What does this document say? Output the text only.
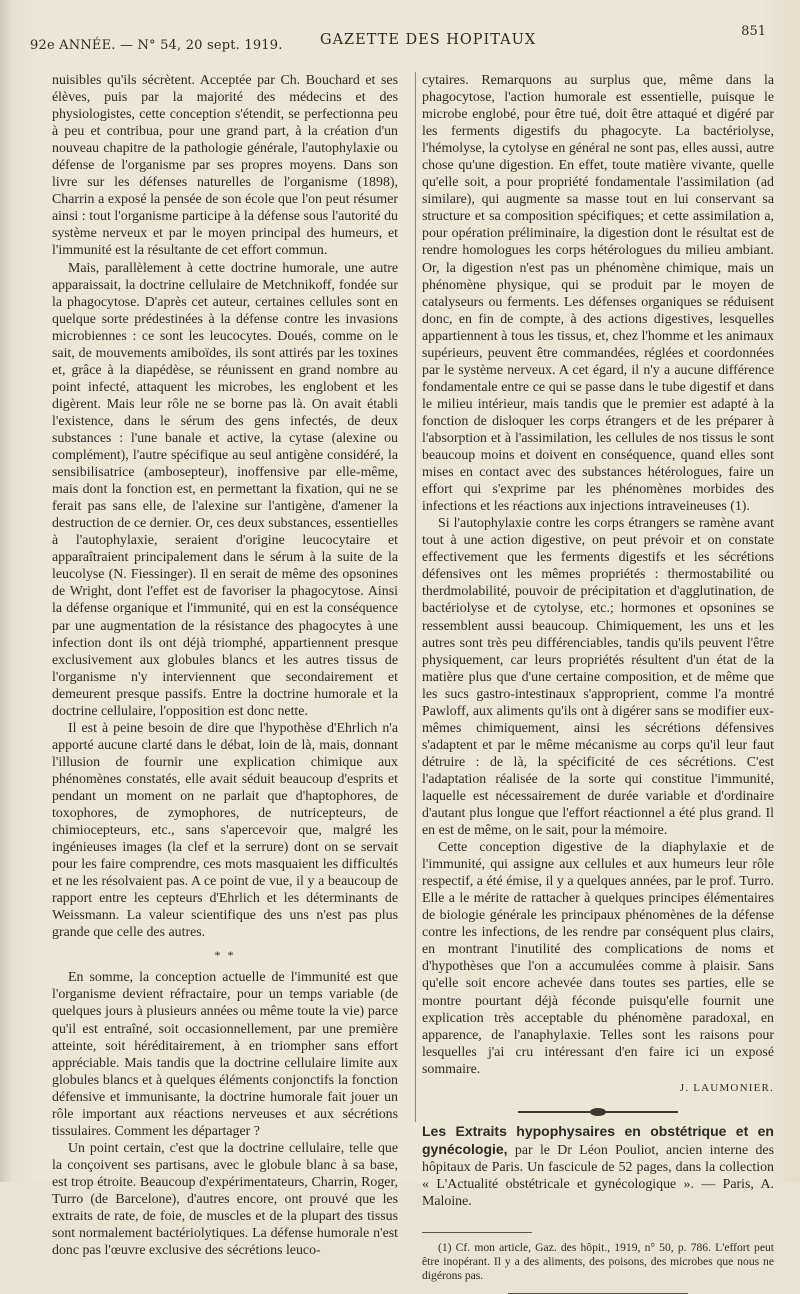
92e ANNÉE. — N° 54, 20 sept. 1919.	GAZETTE DES HOPITAUX
851

nuisibles qu'ils sécrètent. Acceptée par Ch. Bouchard et ses élèves, puis par la majorité des médecins et des physiologistes, cette conception s'étendit, se perfectionna peu à peu et contribua, pour une grand part, à la création d'un nouveau chapitre de la pathologie générale, l'autophylaxie ou défense de l'organisme par ses propres moyens. Dans son livre sur les défenses naturelles de l'organisme (1898), Charrin a exposé la pensée de son école que l'on peut résumer ainsi : tout l'organisme participe à la défense sous l'autorité du système nerveux et par le moyen principal des humeurs, et l'immunité est la résultante de cet effort commun.

Mais, parallèlement à cette doctrine humorale, une autre apparaissait, la doctrine cellulaire de Metchnikoff, fondée sur la phagocytose. D'après cet auteur, certaines cellules sont en quelque sorte prédestinées à la défense contre les invasions microbiennes : ce sont les leucocytes. Doués, comme on le sait, de mouvements amiboïdes, ils sont attirés par les toxines et, grâce à la diapédèse, se réunissent en grand nombre au point infecté, attaquent les microbes, les englobent et les digèrent. Mais leur rôle ne se borne pas là. On avait établi l'existence, dans le sérum des gens infectés, de deux substances : l'une banale et active, la cytase (alexine ou complément), l'autre spécifique au seul antigène considéré, la sensibilisatrice (ambosepteur), inoffensive par elle-même, mais dont la fonction est, en permettant la fixation, qui ne se ferait pas sans elle, de l'alexine sur l'antigène, d'amener la destruction de ce dernier. Or, ces deux substances, essentielles à l'autophylaxie, seraient d'origine leucocytaire et apparaîtraient principalement dans le sérum à la suite de la leucolyse (N. Fiessinger). Il en serait de même des opsonines de Wright, dont l'effet est de favoriser la phagocytose. Ainsi la défense organique et l'immunité, qui en est la conséquence par une augmentation de la résistance des phagocytes à une infection dont ils ont déjà triomphé, appartiennent presque exclusivement aux globules blancs et les autres tissus de l'organisme n'y interviennent que secondairement et demeurent presque passifs. Entre la doctrine humorale et la doctrine cellulaire, l'opposition est donc nette.

Il est à peine besoin de dire que l'hypothèse d'Ehrlich n'a apporté aucune clarté dans le débat, loin de là, mais, donnant l'illusion de fournir une explication chimique aux phénomènes constatés, elle avait séduit beaucoup d'esprits et pendant un moment on ne parlait que d'haptophores, de toxophores, de zymophores, de nutricepteurs, de chimiocepteurs, etc., sans s'apercevoir que, malgré les ingénieuses images (la clef et la serrure) dont on se servait pour les faire comprendre, ces mots masquaient les difficultés et ne les résolvaient pas. A ce point de vue, il y a beaucoup de rapport entre les cepteurs d'Ehrlich et les déterminants de Weissmann. La valeur scientifique des uns n'est pas plus grande que celle des autres.

* *

En somme, la conception actuelle de l'immunité est que l'organisme devient réfractaire, pour un temps variable (de quelques jours à plusieurs années ou même toute la vie) parce qu'il est entraîné, soit occasionnellement, par une première atteinte, soit héréditairement, à en triompher sans effort appréciable. Mais tandis que la doctrine cellulaire limite aux globules blancs et à quelques éléments conjonctifs la fonction défensive et immunisante, la doctrine humorale fait jouer un rôle important aux réactions nerveuses et aux sécrétions tissulaires. Comment les départager ?

Un point certain, c'est que la doctrine cellulaire, telle que la conçoivent ses partisans, avec le globule blanc à sa base, est trop étroite. Beaucoup d'expérimentateurs, Charrin, Roger, Turro (de Barcelone), d'autres encore, ont prouvé que les extraits de rate, de foie, de muscles et de la plupart des tissus sont normalement bactériolytiques. La défense humorale n'est donc pas l'œuvre exclusive des sécrétions leuco-

cytaires. Remarquons au surplus que, même dans la phagocytose, l'action humorale est essentielle, puisque le microbe englobé, pour être tué, doit être attaqué et digéré par les ferments digestifs du phagocyte. La bactériolyse, l'hémolyse, la cytolyse en général ne sont pas, elles aussi, autre chose qu'une digestion. En effet, toute matière vivante, quelle qu'elle soit, a pour propriété fondamentale l'assimilation (ad similare), qui augmente sa masse tout en lui conservant sa structure et sa composition spécifiques; et cette assimilation a, pour opération préliminaire, la digestion dont le résultat est de rendre homologues les corps hétérologues du milieu ambiant. Or, la digestion n'est pas un phénomène chimique, mais un phénomène physique, qui se produit par le moyen de catalyseurs ou ferments. Les défenses organiques se réduisent donc, en fin de compte, à des actions digestives, lesquelles appartiennent à tous les tissus, et, chez l'homme et les animaux supérieurs, peuvent être commandées, réglées et coordonnées par le système nerveux. A cet égard, il n'y a aucune différence fondamentale entre ce qui se passe dans le tube digestif et dans le milieu intérieur, mais tandis que le premier est adapté à la fonction de disloquer les corps étrangers et de les préparer à l'absorption et à l'assimilation, les cellules de nos tissus le sont beaucoup moins et doivent en conséquence, quand elles sont mises en contact avec des substances hétérologues, faire un effort qui s'exprime par les phénomènes morbides des infections et les réactions aux injections intraveineuses (1).

Si l'autophylaxie contre les corps étrangers se ramène avant tout à une action digestive, on peut prévoir et on constate effectivement que les ferments digestifs et les sécrétions défensives ont les mêmes propriétés : thermostabilité ou therdmolabilité, pouvoir de précipitation et d'agglutination, de bactériolyse et de cytolyse, etc.; hormones et opsonines se ressemblent aussi beaucoup. Chimiquement, les uns et les autres sont très peu différenciables, tandis qu'ils peuvent l'être physiquement, car leurs propriétés résultent d'un état de la matière plus que d'une certaine composition, et de même que les sucs gastro-intestinaux s'approprient, comme l'a montré Pawloff, aux aliments qu'ils ont à digérer sans se modifier eux-mêmes chimiquement, ainsi les sécrétions défensives s'adaptent et par le même mécanisme au corps qu'il leur faut détruire : de là, la spécificité de ces sécrétions. C'est l'adaptation réalisée de la sorte qui constitue l'immunité, laquelle est nécessairement de durée variable et d'ordinaire d'autant plus longue que l'effort réactionnel a été plus grand. Il en est de même, on le sait, pour la mémoire.

Cette conception digestive de la diaphylaxie et de l'immunité, qui assigne aux cellules et aux humeurs leur rôle respectif, a été émise, il y a quelques années, par le prof. Turro. Elle a le mérite de rattacher à quelques principes élémentaires de biologie générale les principaux phénomènes de la défense contre les infections, de les rendre par conséquent plus clairs, en montrant l'inutilité des complications de noms et d'hypothèses que l'on a accumulées comme à plaisir. Sans qu'elle soit encore achevée dans toutes ses parties, elle se montre pourtant déjà féconde puisqu'elle fournit une explication très acceptable du phénomène paradoxal, en apparence, de l'anaphylaxie. Telles sont les raisons pour lesquelles j'ai cru intéressant d'en faire ici un exposé sommaire.

J. LAUMONIER.

Les Extraits hypophysaires en obstétrique et en gynécologie, par le Dr Léon Pouliot, ancien interne des hôpitaux de Paris. Un fascicule de 52 pages, dans la collection « L'Actualité obstétricale et gynécologique ». — Paris, A. Maloine.

(1) Cf. mon article, Gaz. des hôpit., 1919, n° 50, p. 786. L'effort peut être inopérant. Il y a des aliments, des poisons, des microbes que nous ne digérons pas.
